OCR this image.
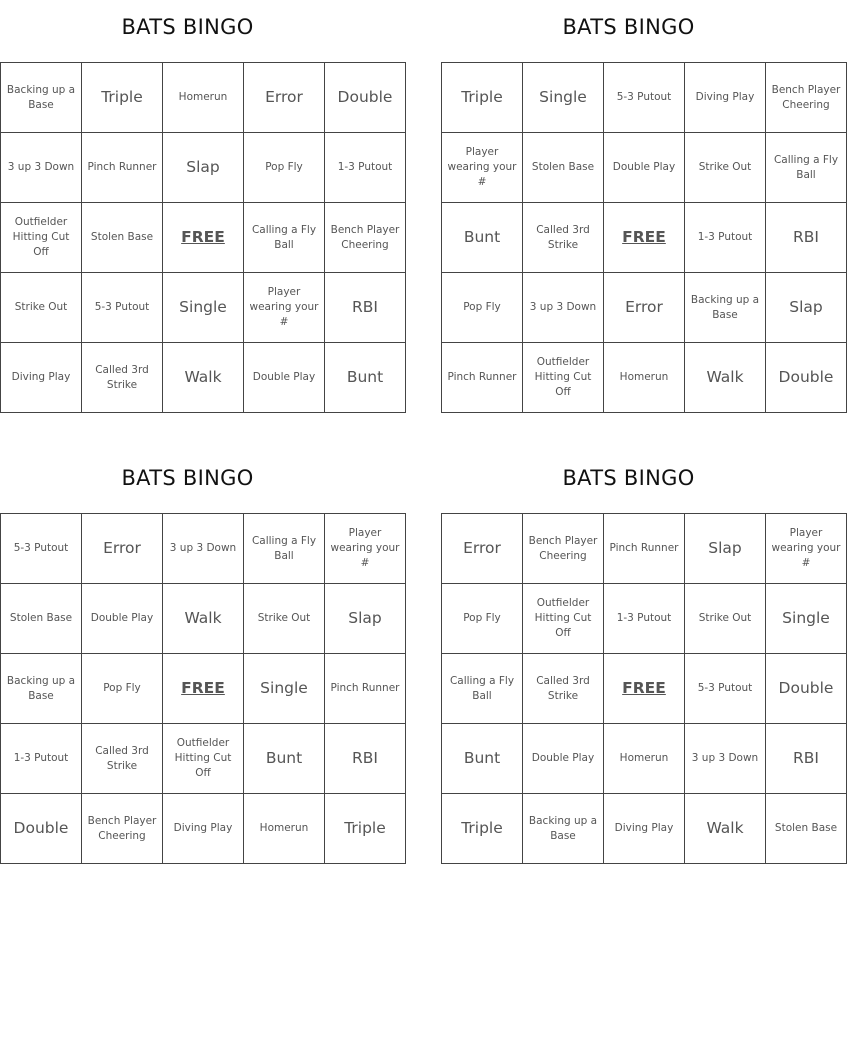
BATS BINGO
Backing up a Base	Triple	Homerun	Error	Double
3 up 3 Down	Pinch Runner	Slap	Pop Fly	1-3 Putout
Outfielder Hitting Cut Off	Stolen Base	FREE	Calling a Fly Ball	Bench Player Cheering
Strike Out	5-3 Putout	Single	Player wearing your #	RBI
Diving Play	Called 3rd Strike	Walk	Double Play	Bunt
BATS BINGO
Triple	Single	5-3 Putout	Diving Play	Bench Player Cheering
Player wearing your #	Stolen Base	Double Play	Strike Out	Calling a Fly Ball
Bunt	Called 3rd Strike	FREE	1-3 Putout	RBI
Pop Fly	3 up 3 Down	Error	Backing up a Base	Slap
Pinch Runner	Outfielder Hitting Cut Off	Homerun	Walk	Double
BATS BINGO
5-3 Putout	Error	3 up 3 Down	Calling a Fly Ball	Player wearing your #
Stolen Base	Double Play	Walk	Strike Out	Slap
Backing up a Base	Pop Fly	FREE	Single	Pinch Runner
1-3 Putout	Called 3rd Strike	Outfielder Hitting Cut Off	Bunt	RBI
Double	Bench Player Cheering	Diving Play	Homerun	Triple
BATS BINGO
Error	Bench Player Cheering	Pinch Runner	Slap	Player wearing your #
Pop Fly	Outfielder Hitting Cut Off	1-3 Putout	Strike Out	Single
Calling a Fly Ball	Called 3rd Strike	FREE	5-3 Putout	Double
Bunt	Double Play	Homerun	3 up 3 Down	RBI
Triple	Backing up a Base	Diving Play	Walk	Stolen Base
